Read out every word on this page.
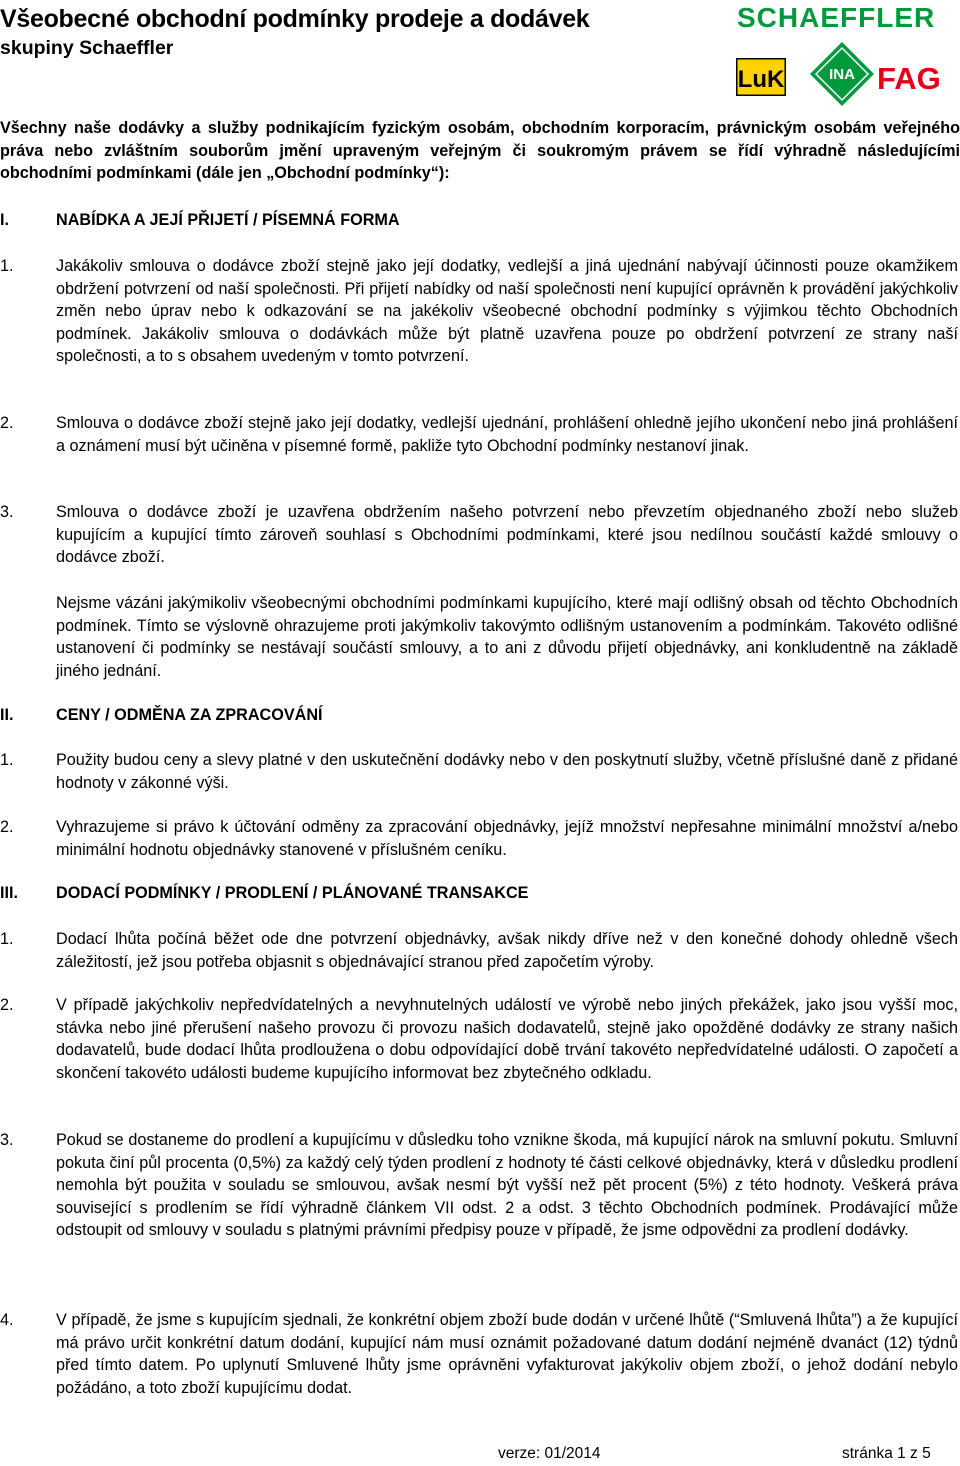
Všeobecné obchodní podmínky prodeje a dodávek
skupiny Schaeffler
SCHAEFFLER
LuK	INA FAG
Všechny naše dodávky a služby podnikajícím fyzickým osobám, obchodním korporacím, právnickým osobám veřejného práva nebo zvláštním souborům jmění upraveným veřejným či soukromým právem se řídí výhradně následujícími obchodními podmínkami (dále jen „Obchodní podmínky“):
I.	NABÍDKA A JEJÍ PŘIJETÍ / PÍSEMNÁ FORMA
1.	Jakákoliv smlouva o dodávce zboží stejně jako její dodatky, vedlejší a jiná ujednání nabývají účinnosti pouze okamžikem obdržení potvrzení od naší společnosti. Při přijetí nabídky od naší společnosti není kupující oprávněn k provádění jakýchkoliv změn nebo úprav nebo k odkazování se na jakékoliv všeobecné obchodní podmínky s výjimkou těchto Obchodních podmínek. Jakákoliv smlouva o dodávkách může být platně uzavřena pouze po obdržení potvrzení ze strany naší společnosti, a to s obsahem uvedeným v tomto potvrzení.
2.	Smlouva o dodávce zboží stejně jako její dodatky, vedlejší ujednání, prohlášení ohledně jejího ukončení nebo jiná prohlášení a oznámení musí být učiněna v písemné formě, pakliže tyto Obchodní podmínky nestanoví jinak.
3.	Smlouva o dodávce zboží je uzavřena obdržením našeho potvrzení nebo převzetím objednaného zboží nebo služeb kupujícím a kupující tímto zároveň souhlasí s Obchodními podmínkami, které jsou nedílnou součástí každé smlouvy o dodávce zboží.
Nejsme vázáni jakýmikoliv všeobecnými obchodními podmínkami kupujícího, které mají odlišný obsah od těchto Obchodních podmínek. Tímto se výslovně ohrazujeme proti jakýmkoliv takovýmto odlišným ustanovením a podmínkám. Takovéto odlišné ustanovení či podmínky se nestávají součástí smlouvy, a to ani z důvodu přijetí objednávky, ani konkludentně na základě jiného jednání.
II.	CENY / ODMĚNA ZA ZPRACOVÁNÍ
1.	Použity budou ceny a slevy platné v den uskutečnění dodávky nebo v den poskytnutí služby, včetně příslušné daně z přidané hodnoty v zákonné výši.
2.	Vyhrazujeme si právo k účtování odměny za zpracování objednávky, jejíž množství nepřesahne minimální množství a/nebo minimální hodnotu objednávky stanovené v příslušném ceníku.
III. DODACÍ PODMÍNKY / PRODLENÍ / PLÁNOVANÉ TRANSAKCE
1.	Dodací lhůta počíná běžet ode dne potvrzení objednávky, avšak nikdy dříve než v den konečné dohody ohledně všech záležitostí, jež jsou potřeba objasnit s objednávající stranou před započetím výroby.
2.	V případě jakýchkoliv nepředvídatelných a nevyhnutelných událostí ve výrobě nebo jiných překážek, jako jsou vyšší moc, stávka nebo jiné přerušení našeho provozu či provozu našich dodavatelů, stejně jako opožděné dodávky ze strany našich dodavatelů, bude dodací lhůta prodloužena o dobu odpovídající době trvání takovéto nepředvídatelné události. O započetí a skončení takovéto události budeme kupujícího informovat bez zbytečného odkladu.
3.	Pokud se dostaneme do prodlení a kupujícímu v důsledku toho vznikne škoda, má kupující nárok na smluvní pokutu. Smluvní pokuta činí půl procenta (0,5%) za každý celý týden prodlení z hodnoty té části celkové objednávky, která v důsledku prodlení nemohla být použita v souladu se smlouvou, avšak nesmí být vyšší než pět procent (5%) z této hodnoty. Veškerá práva související s prodlením se řídí výhradně článkem VII odst. 2 a odst. 3 těchto Obchodních podmínek. Prodávající může odstoupit od smlouvy v souladu s platnými právními předpisy pouze v případě, že jsme odpovědni za prodlení dodávky.
4.	V případě, že jsme s kupujícím sjednali, že konkrétní objem zboží bude dodán v určené lhůtě (“Smluvená lhůta”) a že kupující má právo určit konkrétní datum dodání, kupující nám musí oznámit požadované datum dodání nejméně dvanáct (12) týdnů před tímto datem. Po uplynutí Smluvené lhůty jsme oprávněni vyfakturovat jakýkoliv objem zboží, o jehož dodání nebylo požádáno, a toto zboží kupujícímu dodat.
verze: 01/2014	stránka 1 z 5
